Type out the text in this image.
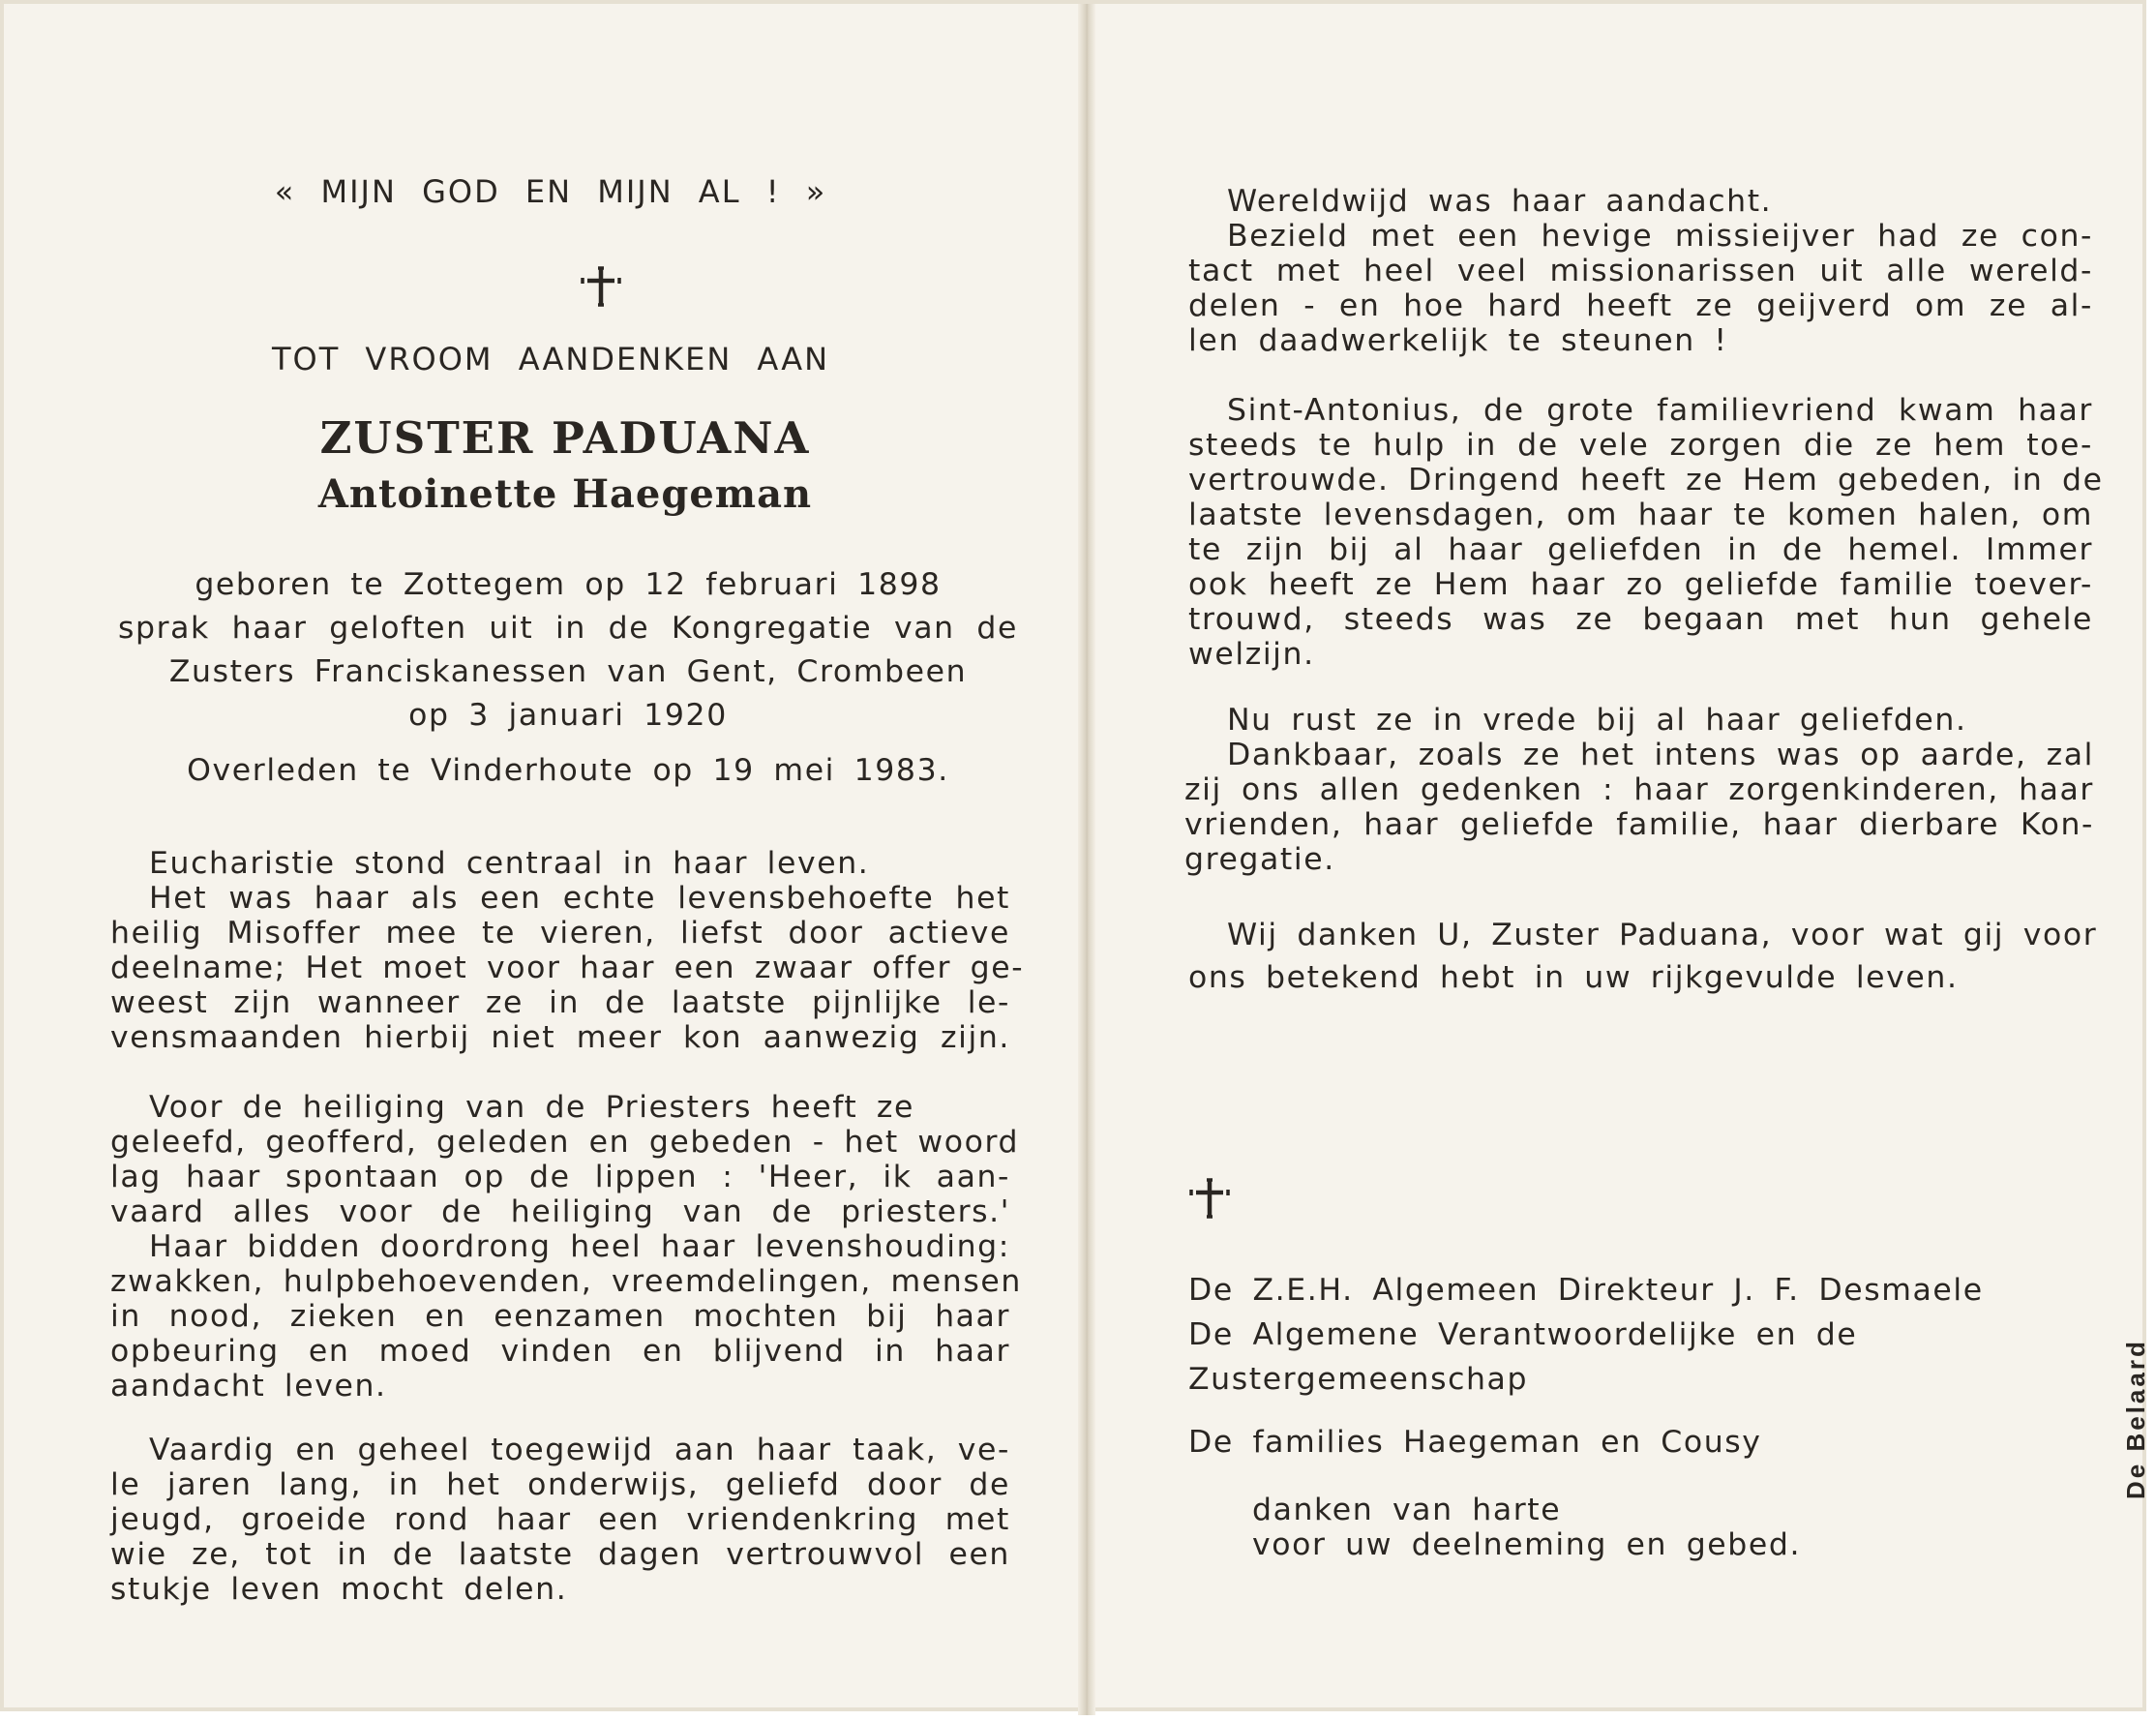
« MIJN GOD EN MIJN AL ! »
TOT VROOM AANDENKEN AAN
ZUSTER PADUANA
Antoinette Haegeman
geboren te Zottegem op 12 februari 1898
sprak haar geloften uit in de Kongregatie van de
Zusters Franciskanessen van Gent, Crombeen
op 3 januari 1920
Overleden te Vinderhoute op 19 mei 1983.
Eucharistie stond centraal in haar leven.
Het was haar als een echte levensbehoefte het
heilig Misoffer mee te vieren, liefst door actieve
deelname; Het moet voor haar een zwaar offer ge-
weest zijn wanneer ze in de laatste pijnlijke le-
vensmaanden hierbij niet meer kon aanwezig zijn.
Voor de heiliging van de Priesters heeft ze
geleefd, geofferd, geleden en gebeden - het woord
lag haar spontaan op de lippen : 'Heer, ik aan-
vaard alles voor de heiliging van de priesters.'
Haar bidden doordrong heel haar levenshouding:
zwakken, hulpbehoevenden, vreemdelingen, mensen
in nood, zieken en eenzamen mochten bij haar
opbeuring en moed vinden en blijvend in haar
aandacht leven.
Vaardig en geheel toegewijd aan haar taak, ve-
le jaren lang, in het onderwijs, geliefd door de
jeugd, groeide rond haar een vriendenkring met
wie ze, tot in de laatste dagen vertrouwvol een
stukje leven mocht delen.
Wereldwijd was haar aandacht.
Bezield met een hevige missieijver had ze con-
tact met heel veel missionarissen uit alle wereld-
delen - en hoe hard heeft ze geijverd om ze al-
len daadwerkelijk te steunen !
Sint-Antonius, de grote familievriend kwam haar
steeds te hulp in de vele zorgen die ze hem toe-
vertrouwde. Dringend heeft ze Hem gebeden, in de
laatste levensdagen, om haar te komen halen, om
te zijn bij al haar geliefden in de hemel. Immer
ook heeft ze Hem haar zo geliefde familie toever-
trouwd, steeds was ze begaan met hun gehele
welzijn.
Nu rust ze in vrede bij al haar geliefden.
Dankbaar, zoals ze het intens was op aarde, zal
zij ons allen gedenken : haar zorgenkinderen, haar
vrienden, haar geliefde familie, haar dierbare Kon-
gregatie.
Wij danken U, Zuster Paduana, voor wat gij voor
ons betekend hebt in uw rijkgevulde leven.
De Z.E.H. Algemeen Direkteur J. F. Desmaele
De Algemene Verantwoordelijke en de
Zustergemeenschap
De families Haegeman en Cousy
danken van harte
voor uw deelneming en gebed.
De Belaard
